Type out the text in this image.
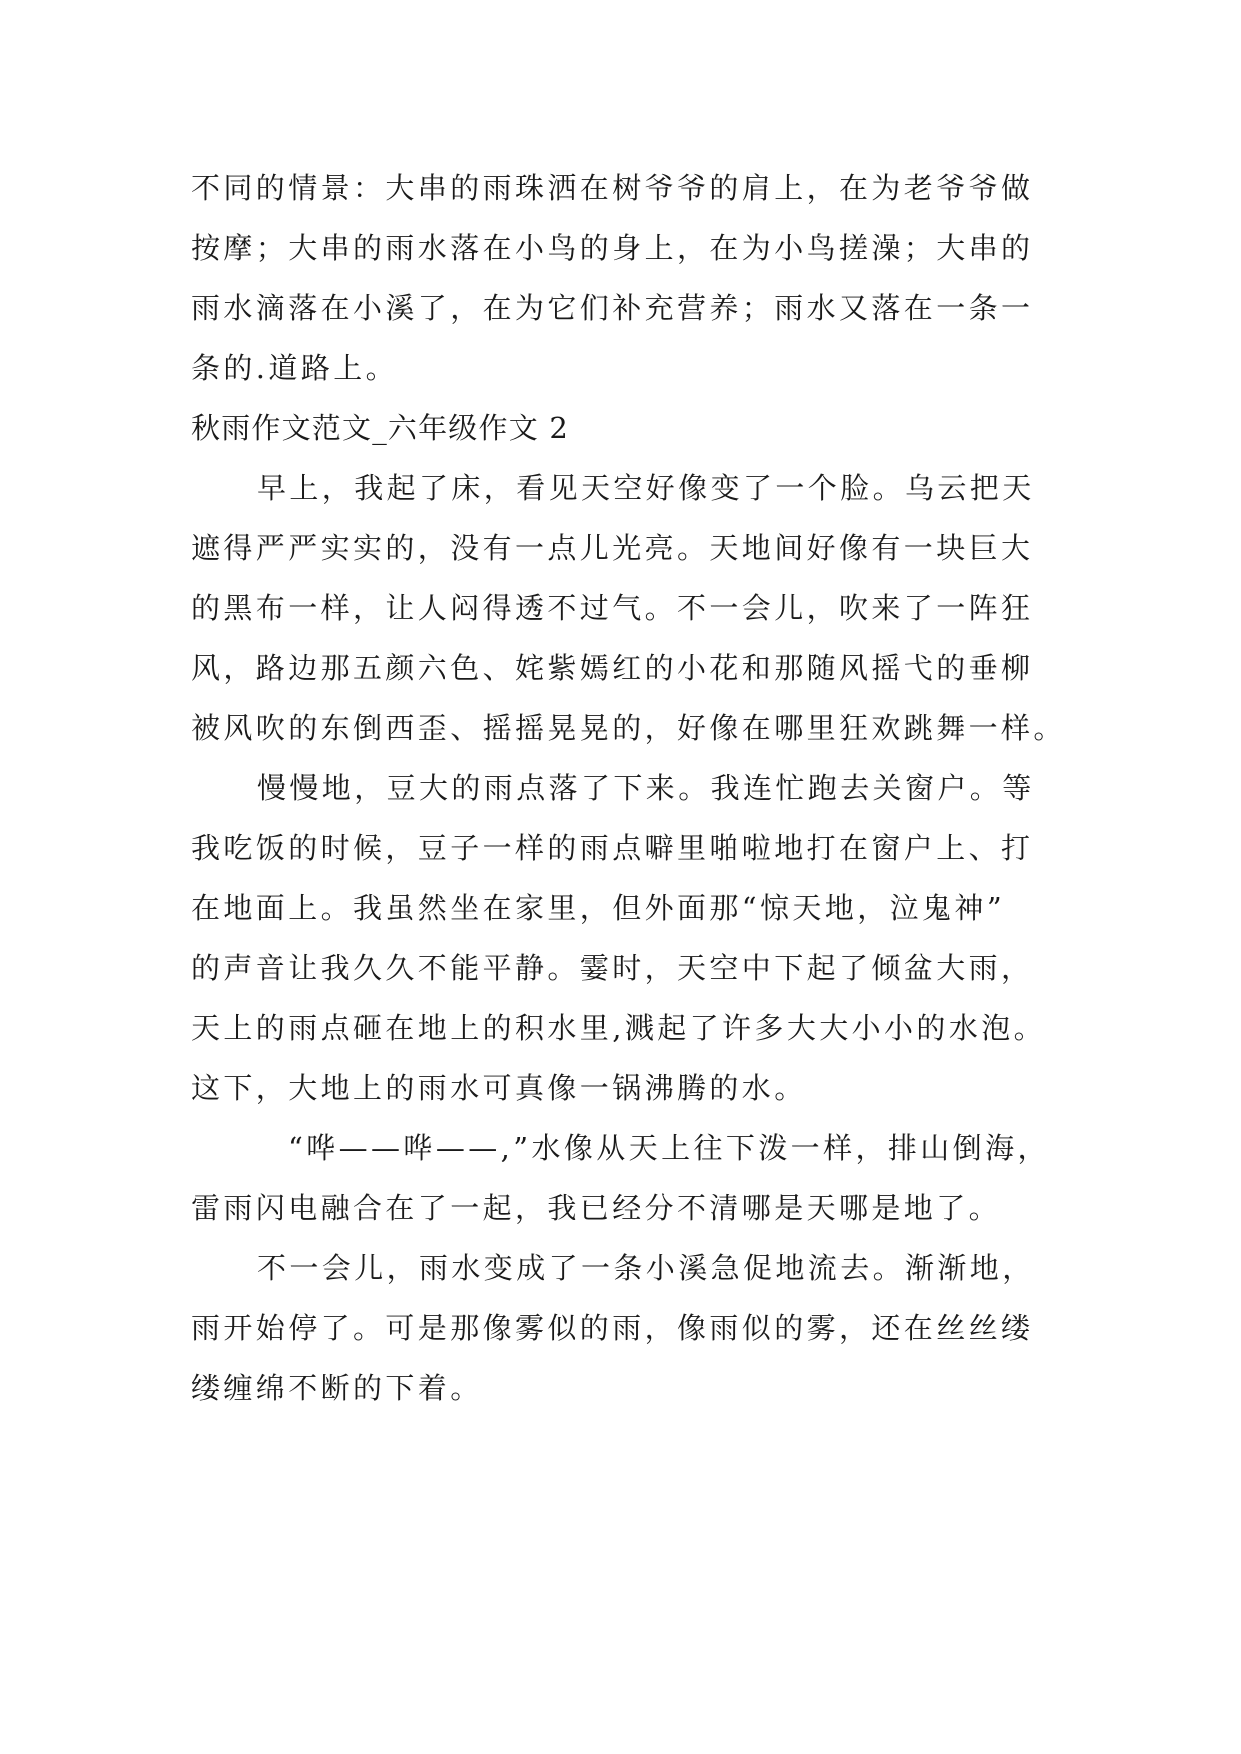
不同的情景：大串的雨珠洒在树爷爷的肩上，在为老爷爷做
按摩；大串的雨水落在小鸟的身上，在为小鸟搓澡；大串的
雨水滴落在小溪了，在为它们补充营养；雨水又落在一条一
条的.道路上。
秋雨作文范文_六年级作文 2
早上，我起了床，看见天空好像变了一个脸。乌云把天
遮得严严实实的，没有一点儿光亮。天地间好像有一块巨大
的黑布一样，让人闷得透不过气。不一会儿，吹来了一阵狂
风，路边那五颜六色、姹紫嫣红的小花和那随风摇弋的垂柳
被风吹的东倒西歪、摇摇晃晃的，好像在哪里狂欢跳舞一样。
慢慢地，豆大的雨点落了下来。我连忙跑去关窗户。等
我吃饭的时候，豆子一样的雨点噼里啪啦地打在窗户上、打
在地面上。我虽然坐在家里，但外面那“惊天地，泣鬼神”
的声音让我久久不能平静。霎时，天空中下起了倾盆大雨，
天上的雨点砸在地上的积水里,溅起了许多大大小小的水泡。
这下，大地上的雨水可真像一锅沸腾的水。
“哗——哗——,”水像从天上往下泼一样，排山倒海，
雷雨闪电融合在了一起，我已经分不清哪是天哪是地了。
不一会儿，雨水变成了一条小溪急促地流去。渐渐地，
雨开始停了。可是那像雾似的雨，像雨似的雾，还在丝丝缕
缕缠绵不断的下着。
